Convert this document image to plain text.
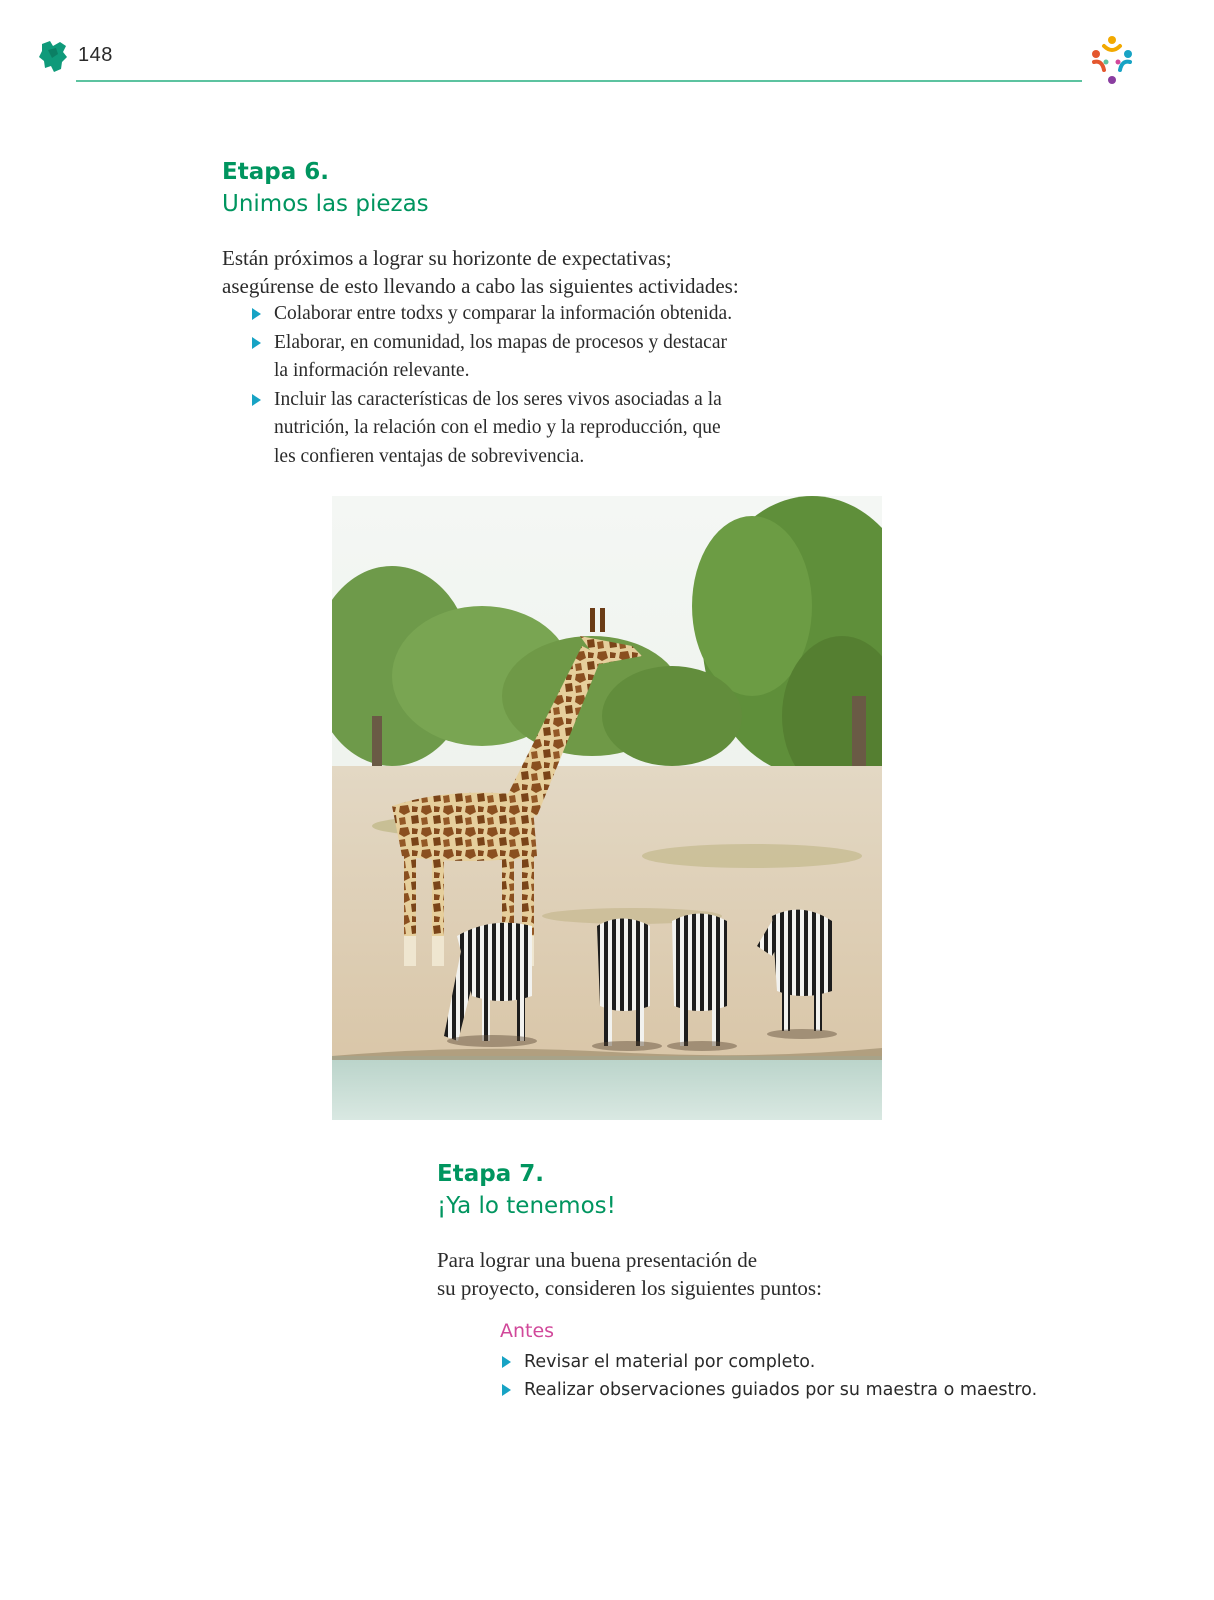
148
Etapa 6.
Unimos las piezas
Están próximos a lograr su horizonte de expectativas;
asegúrense de esto llevando a cabo las siguientes actividades:
Colaborar entre todxs y comparar la información obtenida.
Elaborar, en comunidad, los mapas de procesos y destacar
la información relevante.
Incluir las características de los seres vivos asociadas a la
nutrición, la relación con el medio y la reproducción, que
les confieren ventajas de sobrevivencia.
Etapa 7.
¡Ya lo tenemos!
Para lograr una buena presentación de
su proyecto, consideren los siguientes puntos:
Antes
Revisar el material por completo.
Realizar observaciones guiados por su maestra o maestro.
